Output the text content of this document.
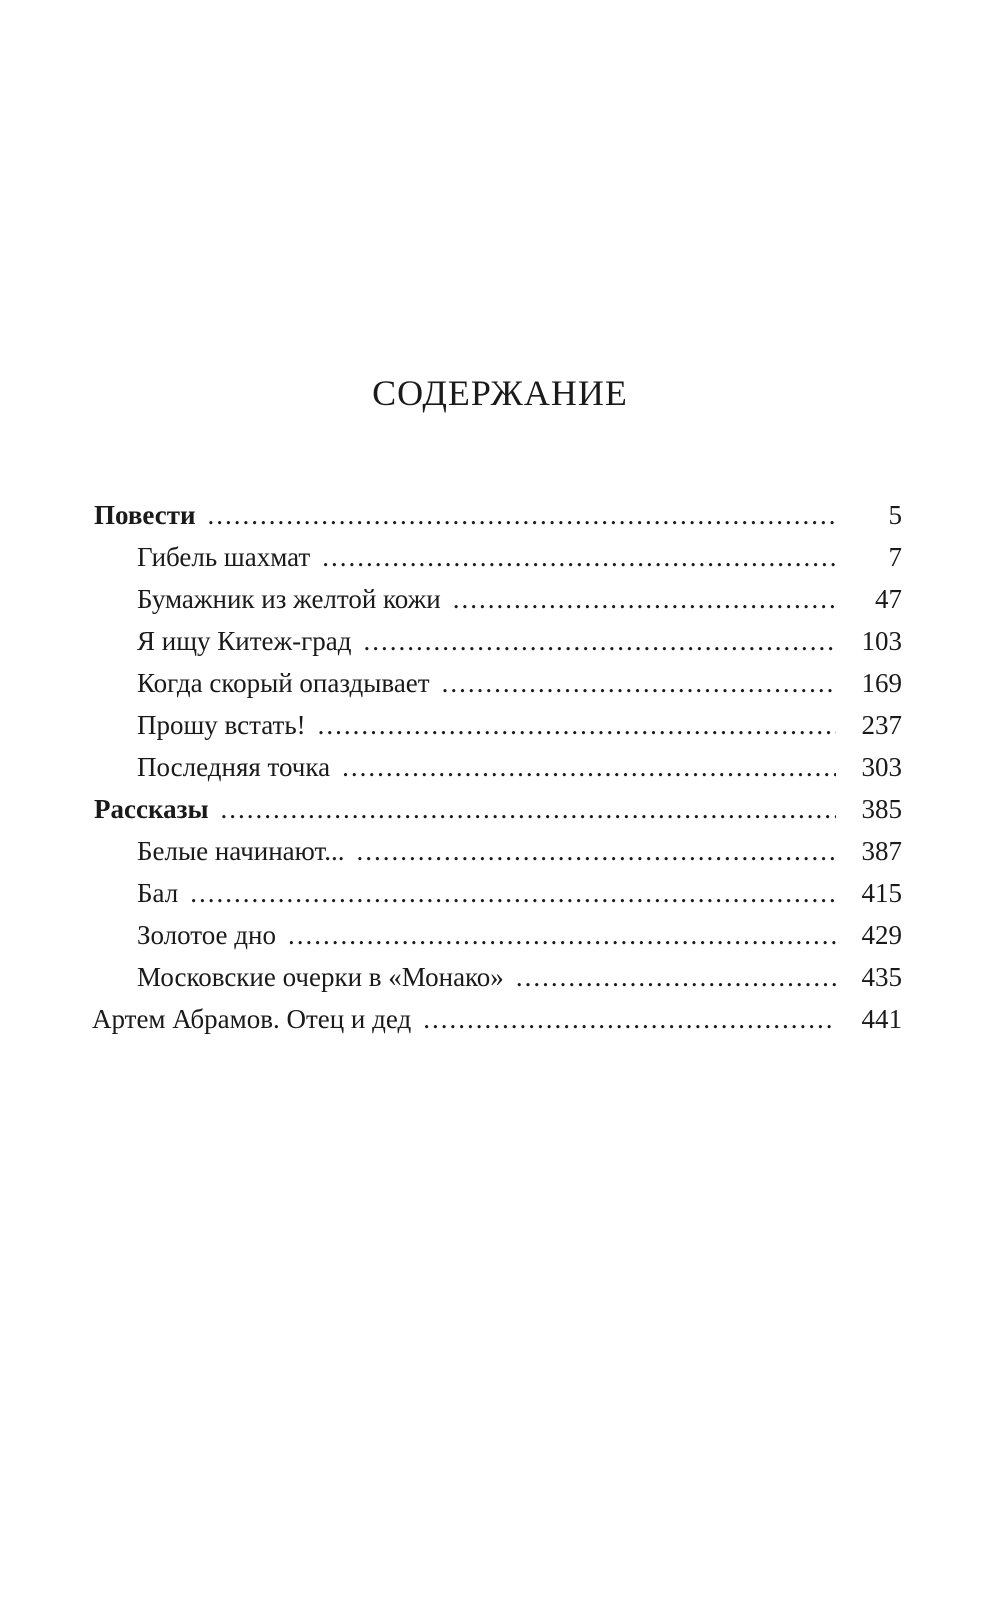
СОДЕРЖАНИЕ
Повести .....	5
Гибель шахмат .....	7
Бумажник из желтой кожи .....	47
Я ищу Китеж-град .....	103
Когда скорый опаздывает .....	169
Прошу встать! .....	237
Последняя точка .....	303
Рассказы .....	385
Белые начинают... .....	387
Бал .....	415
Золотое дно .....	429
Московские очерки в «Монако» .....	435
Артем Абрамов. Отец и дед .....	441
